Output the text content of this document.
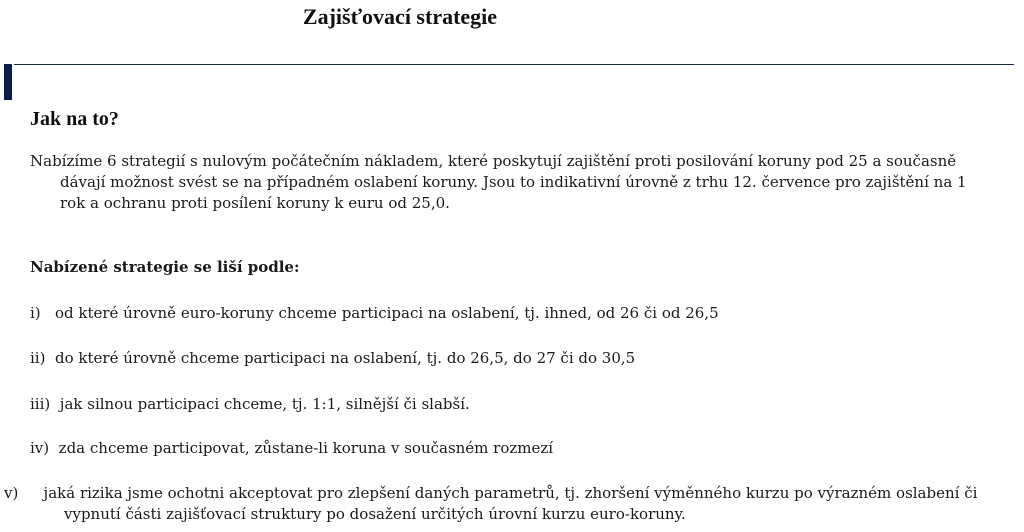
Zajišťovací strategie
Jak na to?
Nabízíme 6 strategií s nulovým počátečním nákladem, které poskytují zajištění proti posilování koruny pod 25 a současně dávají možnost svést se na případném oslabení koruny. Jsou to indikativní úrovně z trhu 12. července pro zajištění na 1 rok a ochranu proti posílení koruny k euru od 25,0.
Nabízené strategie se liší podle:
i) od které úrovně euro-koruny chceme participaci na oslabení, tj. ihned, od 26 či od 26,5
ii) do které úrovně chceme participaci na oslabení, tj. do 26,5, do 27 či do 30,5
iii) jak silnou participaci chceme, tj. 1:1, silnější či slabší.
iv) zda chceme participovat, zůstane-li koruna v současném rozmezí
v) jaká rizika jsme ochotni akceptovat pro zlepšení daných parametrů, tj. zhoršení výměnného kurzu po výrazném oslabení či vypnutí části zajišťovací struktury po dosažení určitých úrovní kurzu euro-koruny.
